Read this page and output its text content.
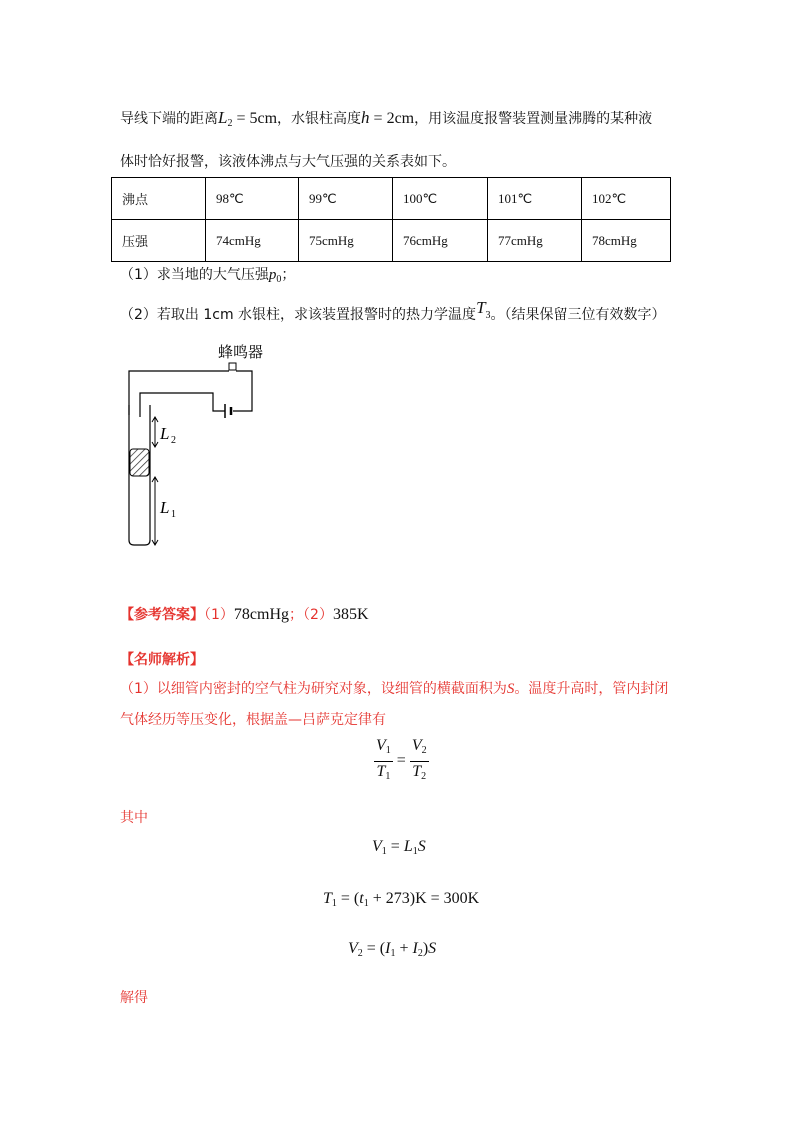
导线下端的距离$L_2 = 5cm$，水银柱高度h = 2cm，用该温度报警装置测量沸腾的某种液
体时恰好报警，该液体沸点与大气压强的关系表如下。
沸点	98℃	99℃	100℃	101℃	102℃
压强	74cmHg	75cmHg	76cmHg	77cmHg	78cmHg
（1）求当地的大气压强$p_0$；
（2）若取出 1cm 水银柱，求该装置报警时的热力学温度$T_3$。（结果保留三位有效数字）
蜂鸣器
L 2
L 1
【参考答案】（1）78cmHg；（2）385K
【名师解析】
（1）以细管内密封的空气柱为研究对象，设细管的横截面积为S。温度升高时，管内封闭
气体经历等压变化，根据盖—吕萨克定律有
$\frac{V1}{T1} = \frac{V2}{T2}$
其中
V1 = L1S
T1 = (t1 + 273)K = 300K
V2 = (I1 + I2)S
解得
